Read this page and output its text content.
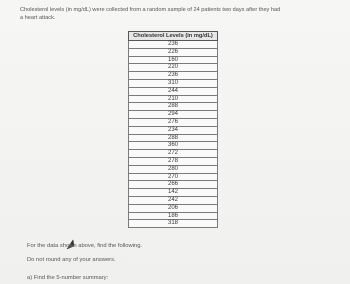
Cholesterol levels (in mg/dL) were collected from a random sample of 24 patients two days after they had
a heart attack.
Cholesterol Levels (in mg/dL)
236
226
160
220
236
310
244
210
288
294
276
234
288
360
272
278
280
270
266
142
242
206
186
318
For the data shown above, find the following.
Do not round any of your answers.
a) Find the 5-number summary:
